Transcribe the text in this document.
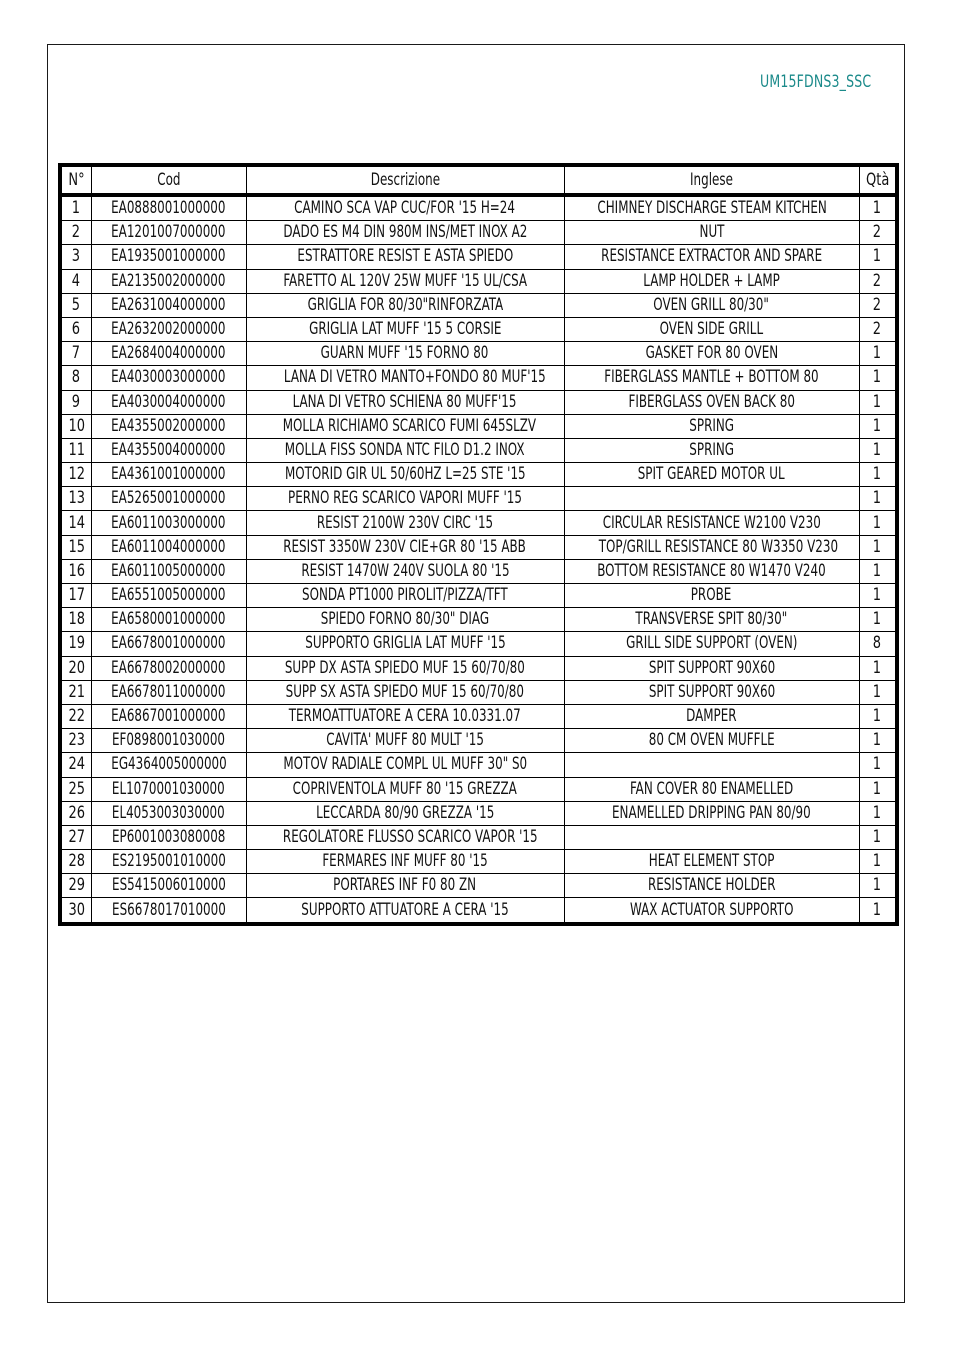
UM15FDNS3_SSC
N°	Cod	Descrizione	Inglese	Qtà
1	EA0888001000000	CAMINO SCA VAP CUC/FOR '15 H=24	CHIMNEY DISCHARGE STEAM KITCHEN	1
2	EA1201007000000	DADO ES M4 DIN 980M INS/MET INOX A2	NUT	2
3	EA1935001000000	ESTRATTORE RESIST E ASTA SPIEDO	RESISTANCE EXTRACTOR AND SPARE	1
4	EA2135002000000	FARETTO AL 120V 25W MUFF '15 UL/CSA	LAMP HOLDER + LAMP	2
5	EA2631004000000	GRIGLIA FOR 80/30"RINFORZATA	OVEN GRILL 80/30"	2
6	EA2632002000000	GRIGLIA LAT MUFF '15 5 CORSIE	OVEN SIDE GRILL	2
7	EA2684004000000	GUARN MUFF '15 FORNO 80	GASKET FOR 80 OVEN	1
8	EA4030003000000	LANA DI VETRO MANTO+FONDO 80 MUF'15	FIBERGLASS MANTLE + BOTTOM 80	1
9	EA4030004000000	LANA DI VETRO SCHIENA 80 MUFF'15	FIBERGLASS OVEN BACK 80	1
10	EA4355002000000	MOLLA RICHIAMO SCARICO FUMI 645SLZV	SPRING	1
11	EA4355004000000	MOLLA FISS SONDA NTC FILO D1.2 INOX	SPRING	1
12	EA4361001000000	MOTORID GIR UL 50/60HZ L=25 STE '15	SPIT GEARED MOTOR UL	1
13	EA5265001000000	PERNO REG SCARICO VAPORI MUFF '15		1
14	EA6011003000000	RESIST 2100W 230V CIRC '15	CIRCULAR RESISTANCE W2100 V230	1
15	EA6011004000000	RESIST 3350W 230V CIE+GR 80 '15 ABB	TOP/GRILL RESISTANCE 80 W3350 V230	1
16	EA6011005000000	RESIST 1470W 240V SUOLA 80 '15	BOTTOM RESISTANCE 80 W1470 V240	1
17	EA6551005000000	SONDA PT1000 PIROLIT/PIZZA/TFT	PROBE	1
18	EA6580001000000	SPIEDO FORNO 80/30" DIAG	TRANSVERSE SPIT 80/30"	1
19	EA6678001000000	SUPPORTO GRIGLIA LAT MUFF '15	GRILL SIDE SUPPORT (OVEN)	8
20	EA6678002000000	SUPP DX ASTA SPIEDO MUF 15 60/70/80	SPIT SUPPORT 90X60	1
21	EA6678011000000	SUPP SX ASTA SPIEDO MUF 15 60/70/80	SPIT SUPPORT 90X60	1
22	EA6867001000000	TERMOATTUATORE A CERA 10.0331.07	DAMPER	1
23	EF0898001030000	CAVITA' MUFF 80 MULT '15	80 CM OVEN MUFFLE	1
24	EG4364005000000	MOTOV RADIALE COMPL UL MUFF 30" S0		1
25	EL1070001030000	COPRIVENTOLA MUFF 80 '15 GREZZA	FAN COVER 80 ENAMELLED	1
26	EL4053003030000	LECCARDA 80/90 GREZZA '15	ENAMELLED DRIPPING PAN 80/90	1
27	EP6001003080008	REGOLATORE FLUSSO SCARICO VAPOR '15		1
28	ES2195001010000	FERMARES INF MUFF 80 '15	HEAT ELEMENT STOP	1
29	ES5415006010000	PORTARES INF F0 80 ZN	RESISTANCE HOLDER	1
30	ES6678017010000	SUPPORTO ATTUATORE A CERA '15	WAX ACTUATOR SUPPORTO	1
